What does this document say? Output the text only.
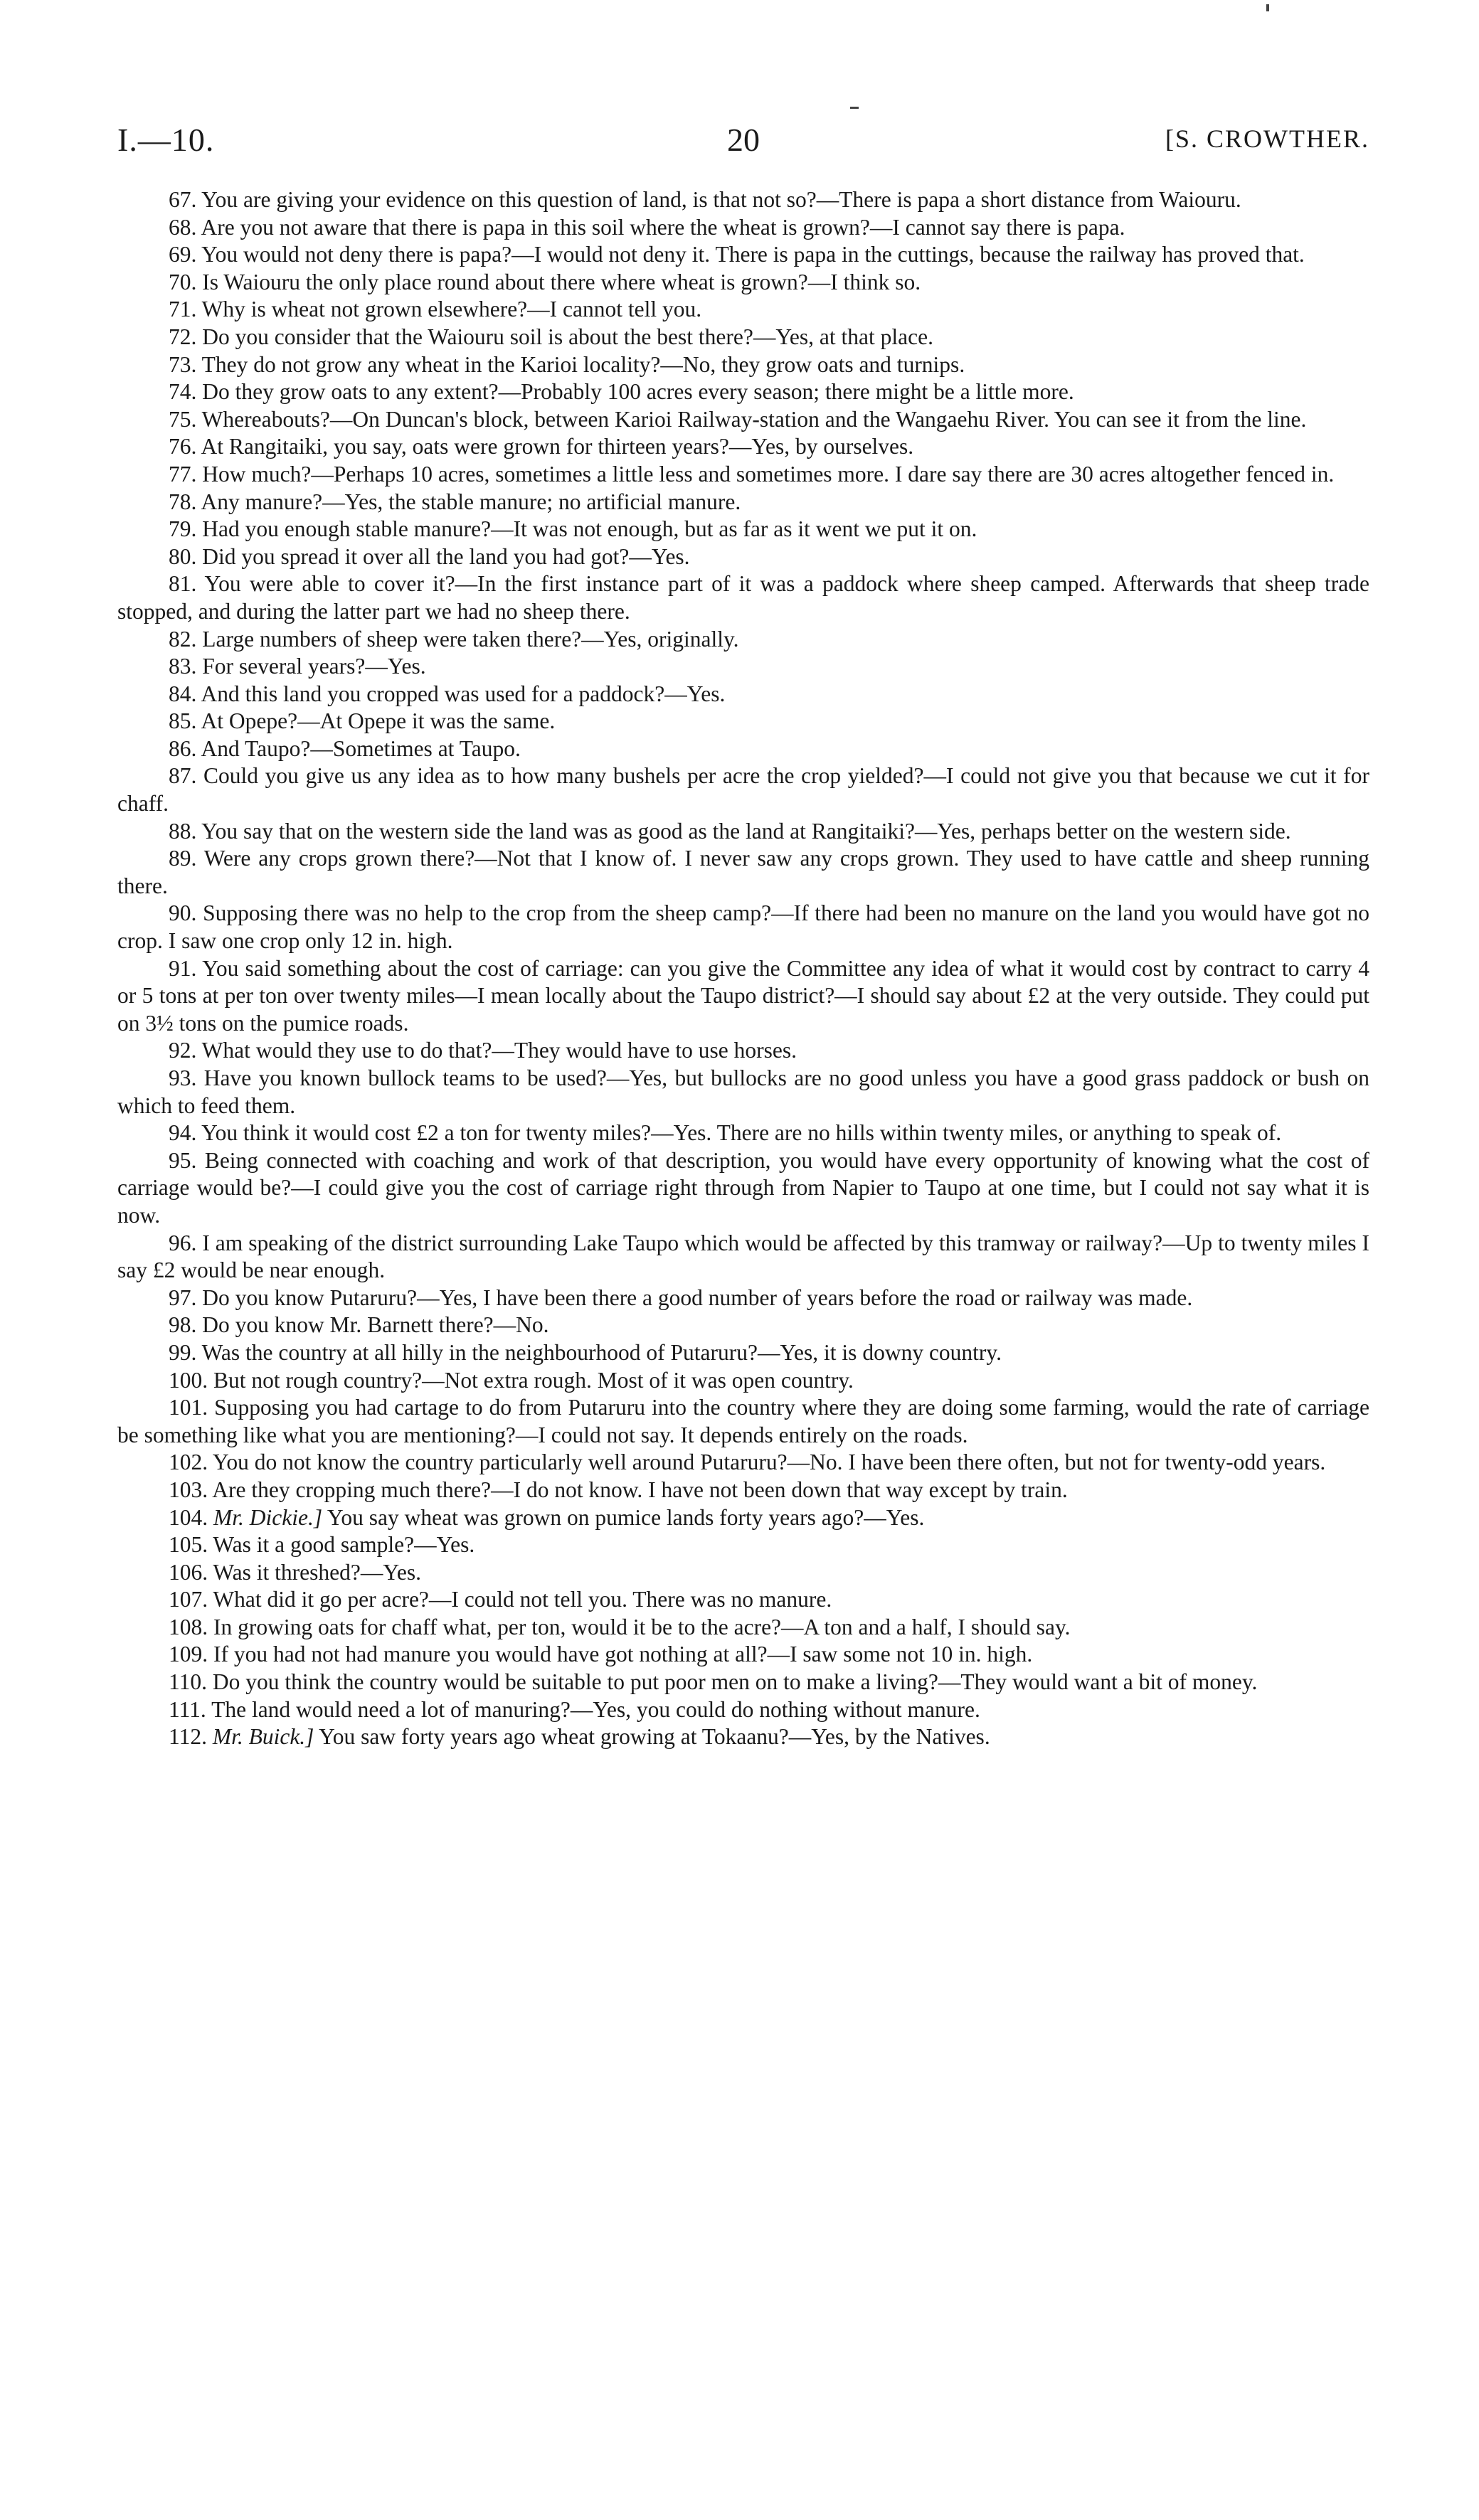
I.—10.	20	[S. CROWTHER.

67. You are giving your evidence on this question of land, is that not so?—There is papa a short distance from Waiouru.

68. Are you not aware that there is papa in this soil where the wheat is grown?—I cannot say there is papa.

69. You would not deny there is papa?—I would not deny it. There is papa in the cuttings, because the railway has proved that.

70. Is Waiouru the only place round about there where wheat is grown?—I think so.

71. Why is wheat not grown elsewhere?—I cannot tell you.

72. Do you consider that the Waiouru soil is about the best there?—Yes, at that place.

73. They do not grow any wheat in the Karioi locality?—No, they grow oats and turnips.

74. Do they grow oats to any extent?—Probably 100 acres every season; there might be a little more.

75. Whereabouts?—On Duncan's block, between Karioi Railway-station and the Wangaehu River. You can see it from the line.

76. At Rangitaiki, you say, oats were grown for thirteen years?—Yes, by ourselves.

77. How much?—Perhaps 10 acres, sometimes a little less and sometimes more. I dare say there are 30 acres altogether fenced in.

78. Any manure?—Yes, the stable manure; no artificial manure.

79. Had you enough stable manure?—It was not enough, but as far as it went we put it on.

80. Did you spread it over all the land you had got?—Yes.

81. You were able to cover it?—In the first instance part of it was a paddock where sheep camped. Afterwards that sheep trade stopped, and during the latter part we had no sheep there.

82. Large numbers of sheep were taken there?—Yes, originally.

83. For several years?—Yes.

84. And this land you cropped was used for a paddock?—Yes.

85. At Opepe?—At Opepe it was the same.

86. And Taupo?—Sometimes at Taupo.

87. Could you give us any idea as to how many bushels per acre the crop yielded?—I could not give you that because we cut it for chaff.

88. You say that on the western side the land was as good as the land at Rangitaiki?—Yes, perhaps better on the western side.

89. Were any crops grown there?—Not that I know of. I never saw any crops grown. They used to have cattle and sheep running there.

90. Supposing there was no help to the crop from the sheep camp?—If there had been no manure on the land you would have got no crop. I saw one crop only 12 in. high.

91. You said something about the cost of carriage: can you give the Committee any idea of what it would cost by contract to carry 4 or 5 tons at per ton over twenty miles—I mean locally about the Taupo district?—I should say about £2 at the very outside. They could put on 3½ tons on the pumice roads.

92. What would they use to do that?—They would have to use horses.

93. Have you known bullock teams to be used?—Yes, but bullocks are no good unless you have a good grass paddock or bush on which to feed them.

94. You think it would cost £2 a ton for twenty miles?—Yes. There are no hills within twenty miles, or anything to speak of.

95. Being connected with coaching and work of that description, you would have every opportunity of knowing what the cost of carriage would be?—I could give you the cost of carriage right through from Napier to Taupo at one time, but I could not say what it is now.

96. I am speaking of the district surrounding Lake Taupo which would be affected by this tramway or railway?—Up to twenty miles I say £2 would be near enough.

97. Do you know Putaruru?—Yes, I have been there a good number of years before the road or railway was made.

98. Do you know Mr. Barnett there?—No.

99. Was the country at all hilly in the neighbourhood of Putaruru?—Yes, it is downy country.

100. But not rough country?—Not extra rough. Most of it was open country.

101. Supposing you had cartage to do from Putaruru into the country where they are doing some farming, would the rate of carriage be something like what you are mentioning?—I could not say. It depends entirely on the roads.

102. You do not know the country particularly well around Putaruru?—No. I have been there often, but not for twenty-odd years.

103. Are they cropping much there?—I do not know. I have not been down that way except by train.

104. Mr. Dickie.] You say wheat was grown on pumice lands forty years ago?—Yes.

105. Was it a good sample?—Yes.

106. Was it threshed?—Yes.

107. What did it go per acre?—I could not tell you. There was no manure.

108. In growing oats for chaff what, per ton, would it be to the acre?—A ton and a half, I should say.

109. If you had not had manure you would have got nothing at all?—I saw some not 10 in. high.

110. Do you think the country would be suitable to put poor men on to make a living?—They would want a bit of money.

111. The land would need a lot of manuring?—Yes, you could do nothing without manure.

112. Mr. Buick.] You saw forty years ago wheat growing at Tokaanu?—Yes, by the Natives.
